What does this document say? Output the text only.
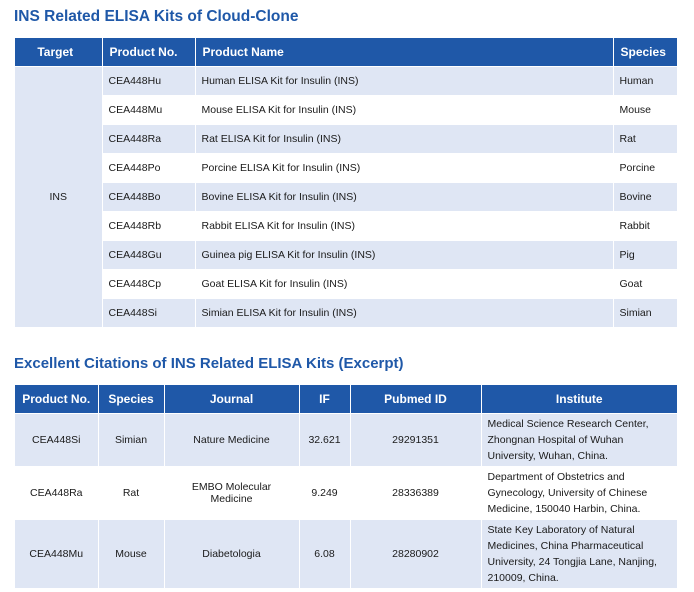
INS Related ELISA Kits of Cloud-Clone
Target	Product No.	Product Name	Species
INS	CEA448Hu	Human ELISA Kit for Insulin (INS)	Human
	CEA448Mu	Mouse ELISA Kit for Insulin (INS)	Mouse
	CEA448Ra	Rat ELISA Kit for Insulin (INS)	Rat
	CEA448Po	Porcine ELISA Kit for Insulin (INS)	Porcine
	CEA448Bo	Bovine ELISA Kit for Insulin (INS)	Bovine
	CEA448Rb	Rabbit ELISA Kit for Insulin (INS)	Rabbit
	CEA448Gu	Guinea pig ELISA Kit for Insulin (INS)	Pig
	CEA448Cp	Goat ELISA Kit for Insulin (INS)	Goat
	CEA448Si	Simian ELISA Kit for Insulin (INS)	Simian
Excellent Citations of INS Related ELISA Kits (Excerpt)
Product No.	Species	Journal	IF	Pubmed ID	Institute
CEA448Si	Simian	Nature Medicine	32.621	29291351	Medical Science Research Center, Zhongnan Hospital of Wuhan University, Wuhan, China.
CEA448Ra	Rat	EMBO Molecular Medicine	9.249	28336389	Department of Obstetrics and Gynecology, University of Chinese Medicine, 150040 Harbin, China.
CEA448Mu	Mouse	Diabetologia	6.08	28280902	State Key Laboratory of Natural Medicines, China Pharmaceutical University, 24 Tongjia Lane, Nanjing, 210009, China.
